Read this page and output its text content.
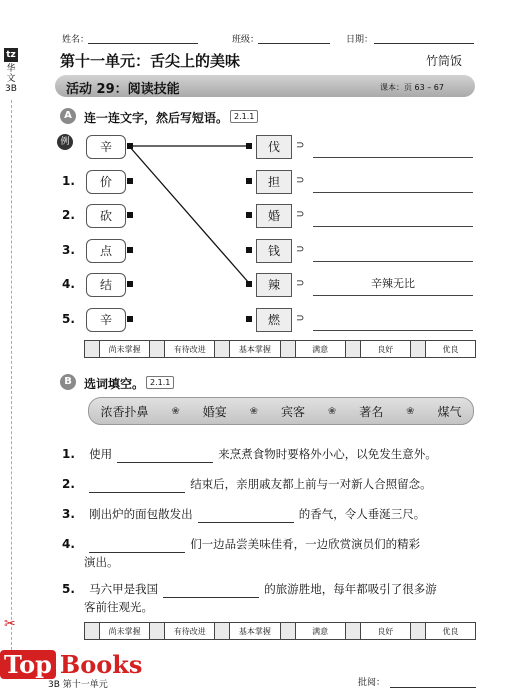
姓名：	班级：	日期：
tz
华
文
3B
第十一单元：舌尖上的美味	竹筒饭
活动 29：阅读技能	课本：页 63 – 67
A	连一连文字，然后写短语。 2.1.1
例	辛	伐	⊃
1.	价	担	⊃
2.	砍	婚	⊃
3.	点	钱	⊃
4.	结	辣	⊃	辛辣无比
5.	辛	燃	⊃
尚未掌握	有待改进	基本掌握	满意	良好	优良
B	选词填空。 2.1.1
浓香扑鼻 ❀ 婚宴 ❀ 宾客 ❀ 著名 ❀ 煤气
1. 使用	来烹煮食物时要格外小心，以免发生意外。
2.	结束后，亲朋戚友都上前与一对新人合照留念。
3. 刚出炉的面包散发出	的香气，令人垂涎三尺。
4.	们一边品尝美味佳肴，一边欣赏演员们的精彩
演出。
5. 马六甲是我国	的旅游胜地，每年都吸引了很多游
客前往观光。
尚未掌握	有待改进	基本掌握	满意	良好	优良
✂
Top Books
3B 第十一单元	批阅：
